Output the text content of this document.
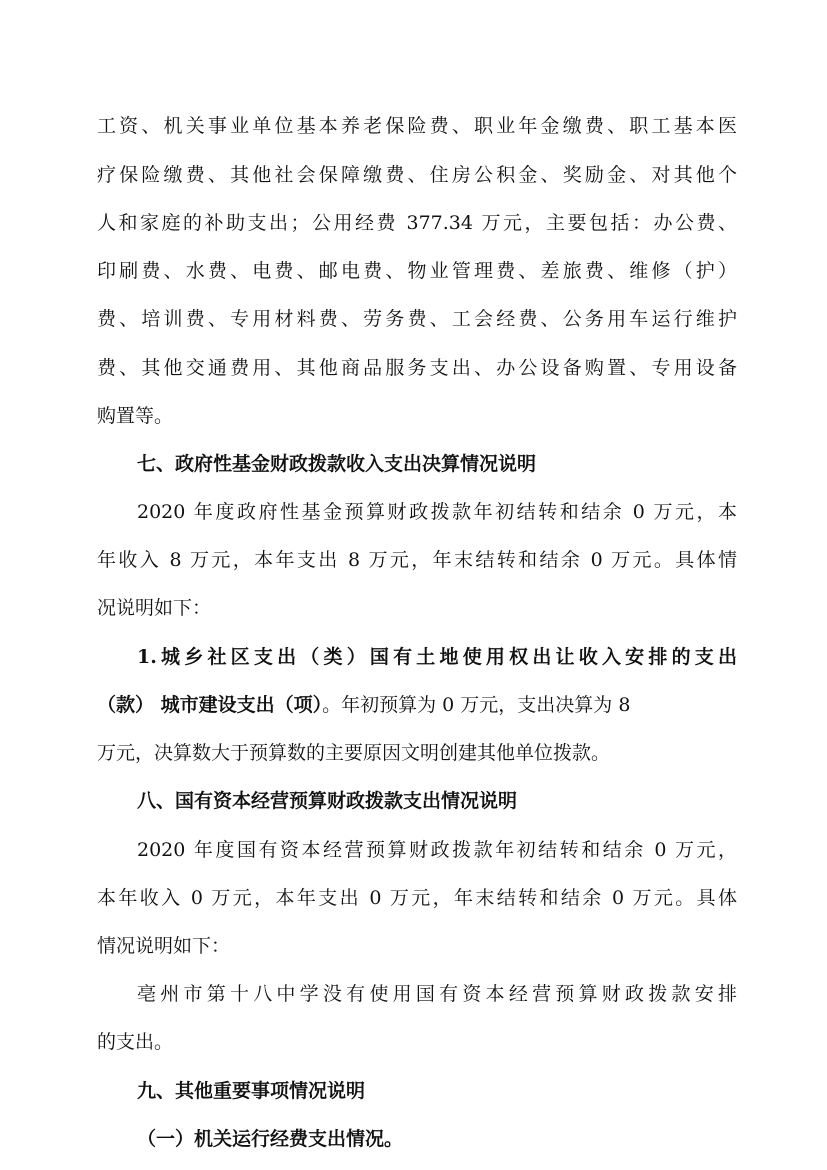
工资、机关事业单位基本养老保险费、职业年金缴费、职工基本医
疗保险缴费、其他社会保障缴费、住房公积金、奖励金、对其他个
人和家庭的补助支出；公用经费 377.34 万元，主要包括：办公费、
印刷费、水费、电费、邮电费、物业管理费、差旅费、维修（护）
费、培训费、专用材料费、劳务费、工会经费、公务用车运行维护
费、其他交通费用、其他商品服务支出、办公设备购置、专用设备
购置等。
七、政府性基金财政拨款收入支出决算情况说明
2020 年度政府性基金预算财政拨款年初结转和结余 0 万元，本
年收入 8 万元，本年支出 8 万元，年末结转和结余 0 万元。具体情
况说明如下：
1.城乡社区支出（类）国有土地使用权出让收入安排的支出
（款） 城市建设支出（项）。年初预算为 0 万元，支出决算为 8
万元，决算数大于预算数的主要原因文明创建其他单位拨款。
八、国有资本经营预算财政拨款支出情况说明
2020 年度国有资本经营预算财政拨款年初结转和结余 0 万元，
本年收入 0 万元，本年支出 0 万元，年末结转和结余 0 万元。具体
情况说明如下：
亳州市第十八中学没有使用国有资本经营预算财政拨款安排
的支出。
九、其他重要事项情况说明
（一）机关运行经费支出情况。
